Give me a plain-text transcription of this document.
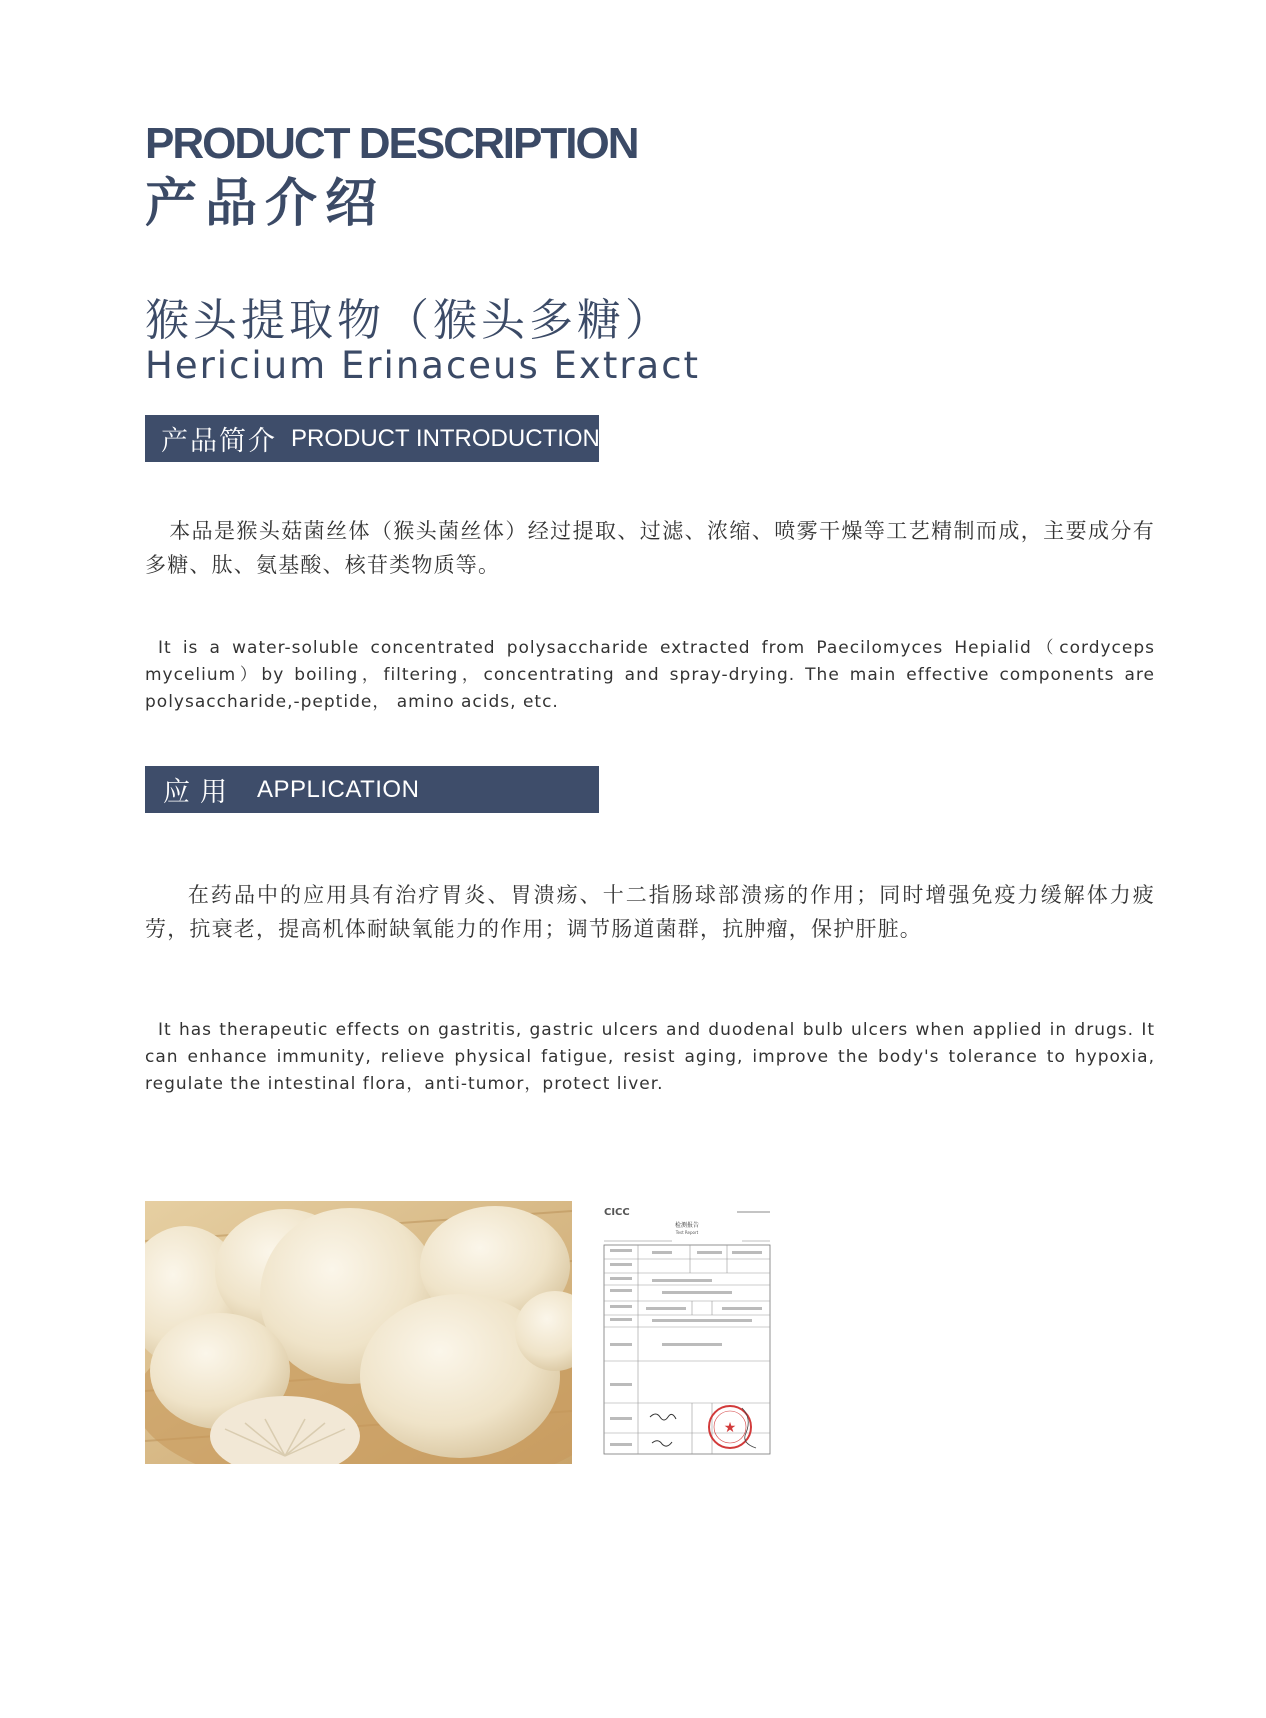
PRODUCT DESCRIPTION
产品介绍
猴头提取物（猴头多糖）
Hericium Erinaceus Extract
产品简介 PRODUCT INTRODUCTION

本品是猴头菇菌丝体（猴头菌丝体）经过提取、过滤、浓缩、喷雾干燥等工艺精制而成，主要成分有多糖、肽、氨基酸、核苷类物质等。

It is a water-soluble concentrated polysaccharide extracted from Paecilomyces Hepialid（cordyceps mycelium）by boiling，filtering，concentrating and spray-drying. The main effective components are polysaccharide,-peptide， amino acids, etc.

应用 APPLICATION

在药品中的应用具有治疗胃炎、胃溃疡、十二指肠球部溃疡的作用；同时增强免疫力缓解体力疲劳，抗衰老，提高机体耐缺氧能力的作用；调节肠道菌群，抗肿瘤，保护肝脏。

It has therapeutic effects on gastritis, gastric ulcers and duodenal bulb ulcers when applied in drugs. It can enhance immunity, relieve physical fatigue, resist aging, improve the body's tolerance to hypoxia, regulate the intestinal flora，anti-tumor，protect liver.

CICC
检测报告
Test Report
★
